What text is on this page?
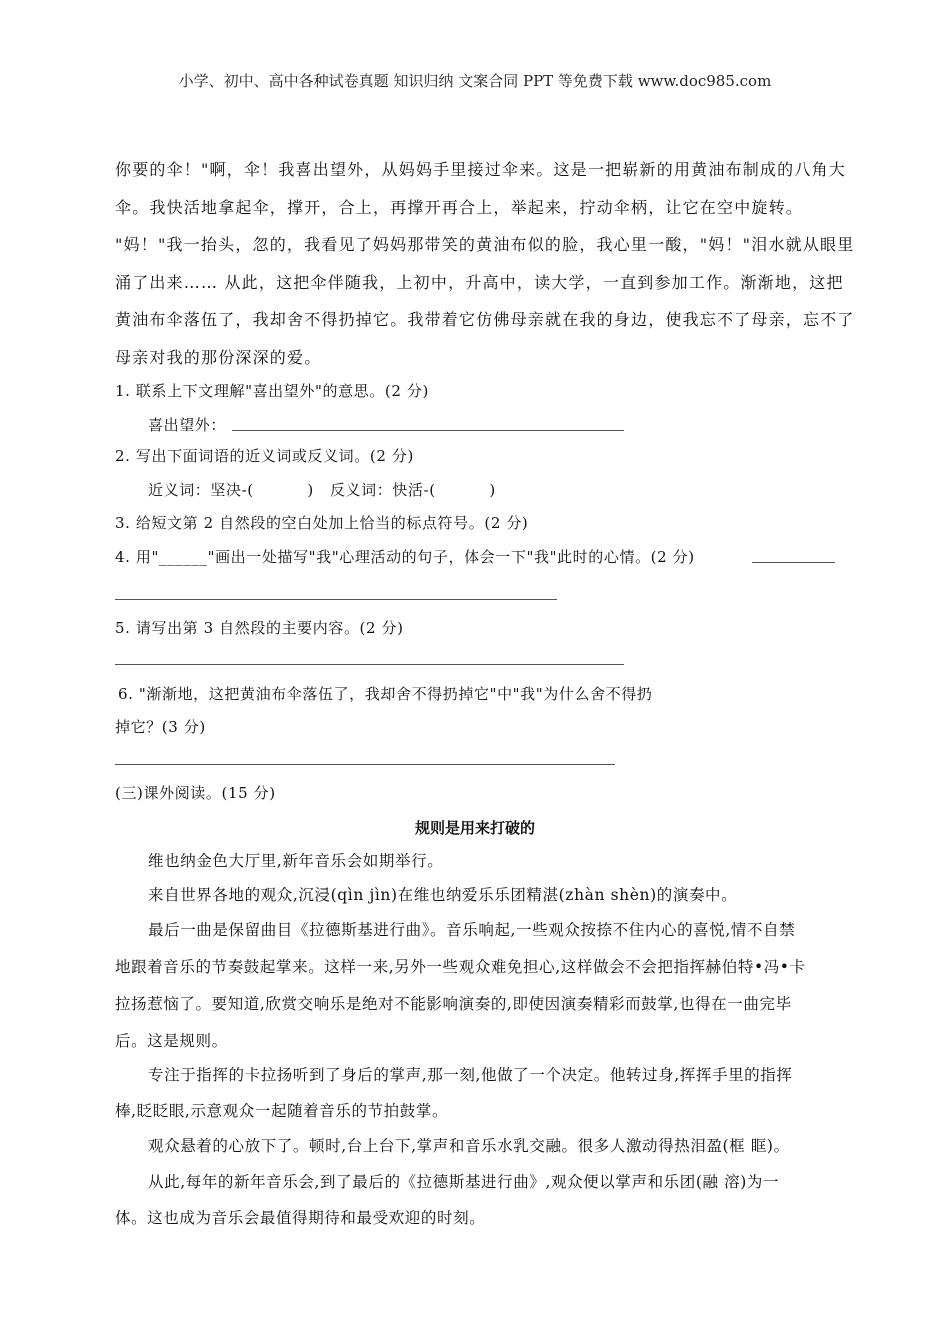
小学、初中、高中各种试卷真题 知识归纳 文案合同 PPT 等免费下载 www.doc985.com
你要的伞！"啊，伞！我喜出望外，从妈妈手里接过伞来。这是一把崭新的用黄油布制成的八角大
伞。我快活地拿起伞，撑开，合上，再撑开再合上，举起来，拧动伞柄，让它在空中旋转。
"妈！"我一抬头，忽的，我看见了妈妈那带笑的黄油布似的脸，我心里一酸，"妈！"泪水就从眼里
涌了出来…… 从此，这把伞伴随我，上初中，升高中，读大学，一直到参加工作。渐渐地，这把
黄油布伞落伍了，我却舍不得扔掉它。我带着它仿佛母亲就在我的身边，使我忘不了母亲，忘不了
母亲对我的那份深深的爱。
1. 联系上下文理解"喜出望外"的意思。(2 分)
喜出望外：
2. 写出下面词语的近义词或反义词。(2 分)
近义词：坚决-(          )   反义词：快活-(          )
3. 给短文第 2 自然段的空白处加上恰当的标点符号。(2 分)
4. 用"______"画出一处描写"我"心理活动的句子，体会一下"我"此时的心情。(2 分)
5. 请写出第 3 自然段的主要内容。(2 分)
6. "渐渐地，这把黄油布伞落伍了，我却舍不得扔掉它"中"我"为什么舍不得扔
掉它？(3 分)
(三)课外阅读。(15 分)
规则是用来打破的
维也纳金色大厅里,新年音乐会如期举行。
来自世界各地的观众,沉浸(qìn jìn)在维也纳爱乐乐团精湛(zhàn shèn)的演奏中。
最后一曲是保留曲目《拉德斯基进行曲》。音乐响起,一些观众按捺不住内心的喜悦,情不自禁
地跟着音乐的节奏鼓起掌来。这样一来,另外一些观众难免担心,这样做会不会把指挥赫伯特•冯•卡
拉扬惹恼了。要知道,欣赏交响乐是绝对不能影响演奏的,即使因演奏精彩而鼓掌,也得在一曲完毕
后。这是规则。
专注于指挥的卡拉扬听到了身后的掌声,那一刻,他做了一个决定。他转过身,挥挥手里的指挥
棒,眨眨眼,示意观众一起随着音乐的节拍鼓掌。
观众悬着的心放下了。顿时,台上台下,掌声和音乐水乳交融。很多人激动得热泪盈(框 眶)。
从此,每年的新年音乐会,到了最后的《拉德斯基进行曲》,观众便以掌声和乐团(融 溶)为一
体。这也成为音乐会最值得期待和最受欢迎的时刻。
